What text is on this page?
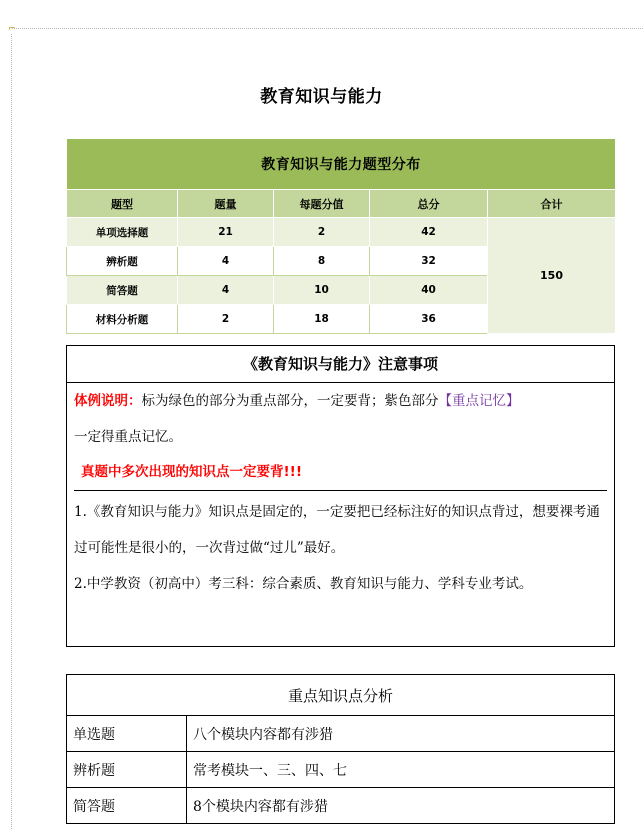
⌐
教育知识与能力
教育知识与能力题型分布				
题型	题量	每题分值	总分	合计
单项选择题	21	2	42	150
辨析题	4	8	32	
简答题	4	10	40	
材料分析题	2	18	36	
《教育知识与能力》注意事项

体例说明：标为绿色的部分为重点部分，一定要背；紫色部分【重点记忆】
一定得重点记忆。

真题中多次出现的知识点一定要背!!!

1.《教育知识与能力》知识点是固定的，一定要把已经标注好的知识点背过，想要裸考通过可能性是很小的，一次背过做“过儿”最好。

2.中学教资（初高中）考三科：综合素质、教育知识与能力、学科专业考试。

重点知识点分析	
单选题	八个模块内容都有涉猎
辨析题	常考模块一、三、四、七
简答题	8个模块内容都有涉猎
